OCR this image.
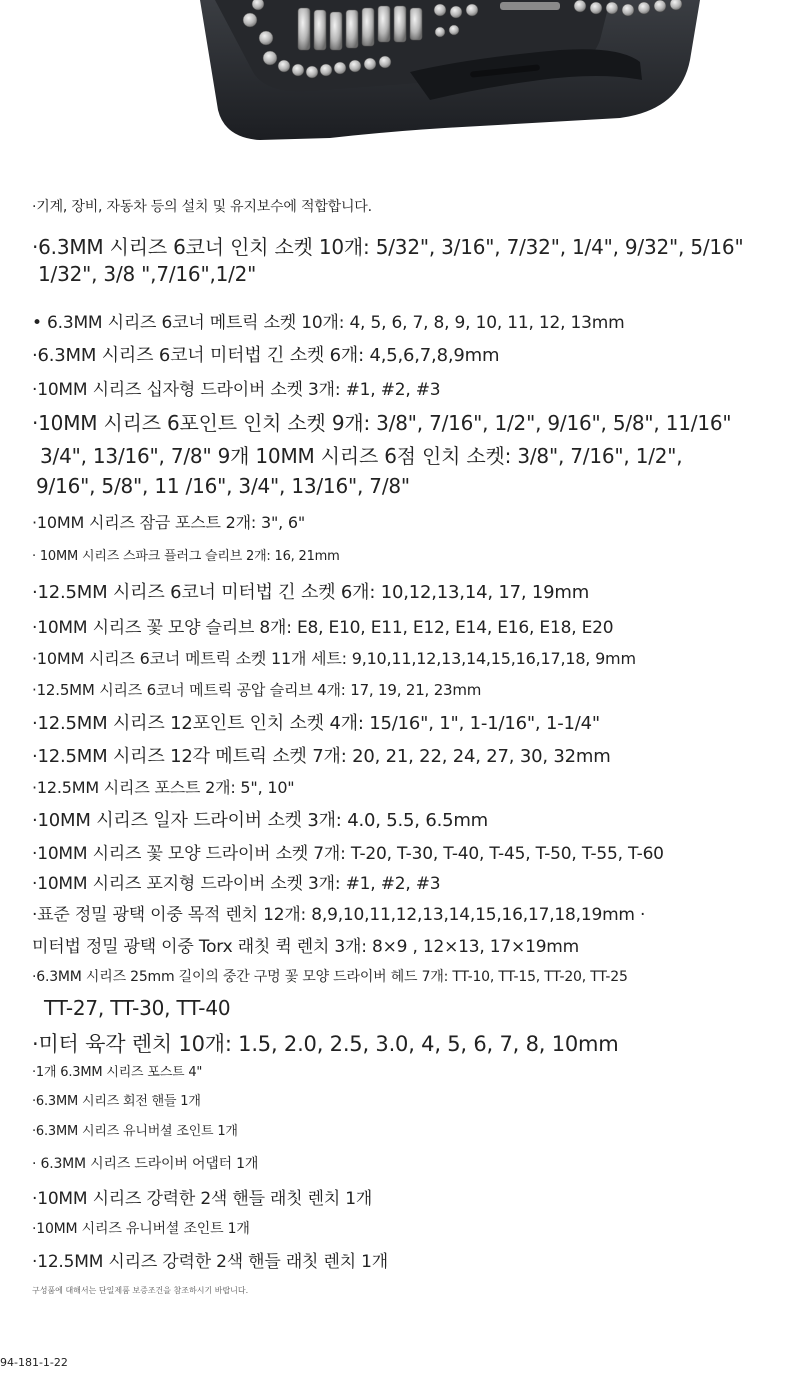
·기계, 장비, 자동차 등의 설치 및 유지보수에 적합합니다.
·6.3MM 시리즈 6코너 인치 소켓 10개: 5/32", 3/16", 7/32", 1/4", 9/32", 5/16"
1/32", 3/8 ",7/16",1/2"
• 6.3MM 시리즈 6코너 메트릭 소켓 10개: 4, 5, 6, 7, 8, 9, 10, 11, 12, 13mm
·6.3MM 시리즈 6코너 미터법 긴 소켓 6개: 4,5,6,7,8,9mm
·10MM 시리즈 십자형 드라이버 소켓 3개: #1, #2, #3
·10MM 시리즈 6포인트 인치 소켓 9개: 3/8", 7/16", 1/2", 9/16", 5/8", 11/16"
3/4", 13/16", 7/8" 9개 10MM 시리즈 6점 인치 소켓: 3/8", 7/16", 1/2",
9/16", 5/8", 11 /16", 3/4", 13/16", 7/8"
·10MM 시리즈 잠금 포스트 2개: 3", 6"
· 10MM 시리즈 스파크 플러그 슬리브 2개: 16, 21mm
·12.5MM 시리즈 6코너 미터법 긴 소켓 6개: 10,12,13,14, 17, 19mm
·10MM 시리즈 꽃 모양 슬리브 8개: E8, E10, E11, E12, E14, E16, E18, E20
·10MM 시리즈 6코너 메트릭 소켓 11개 세트: 9,10,11,12,13,14,15,16,17,18, 9mm
·12.5MM 시리즈 6코너 메트릭 공압 슬리브 4개: 17, 19, 21, 23mm
·12.5MM 시리즈 12포인트 인치 소켓 4개: 15/16", 1", 1-1/16", 1-1/4"
·12.5MM 시리즈 12각 메트릭 소켓 7개: 20, 21, 22, 24, 27, 30, 32mm
·12.5MM 시리즈 포스트 2개: 5", 10"
·10MM 시리즈 일자 드라이버 소켓 3개: 4.0, 5.5, 6.5mm
·10MM 시리즈 꽃 모양 드라이버 소켓 7개: T-20, T-30, T-40, T-45, T-50, T-55, T-60
·10MM 시리즈 포지형 드라이버 소켓 3개: #1, #2, #3
·표준 정밀 광택 이중 목적 렌치 12개: 8,9,10,11,12,13,14,15,16,17,18,19mm ·
미터법 정밀 광택 이중 Torx 래칫 퀵 렌치 3개: 8×9 , 12×13, 17×19mm
·6.3MM 시리즈 25mm 길이의 중간 구멍 꽃 모양 드라이버 헤드 7개: TT-10, TT-15, TT-20, TT-25
TT-27, TT-30, TT-40
·미터 육각 렌치 10개: 1.5, 2.0, 2.5, 3.0, 4, 5, 6, 7, 8, 10mm
·1개 6.3MM 시리즈 포스트 4"
·6.3MM 시리즈 회전 핸들 1개
·6.3MM 시리즈 유니버셜 조인트 1개
· 6.3MM 시리즈 드라이버 어댑터 1개
·10MM 시리즈 강력한 2색 핸들 래칫 렌치 1개
·10MM 시리즈 유니버셜 조인트 1개
·12.5MM 시리즈 강력한 2색 핸들 래칫 렌치 1개
구성품에 대해서는 단일제품 보증조건을 참조하시기 바랍니다.
94-181-1-22
